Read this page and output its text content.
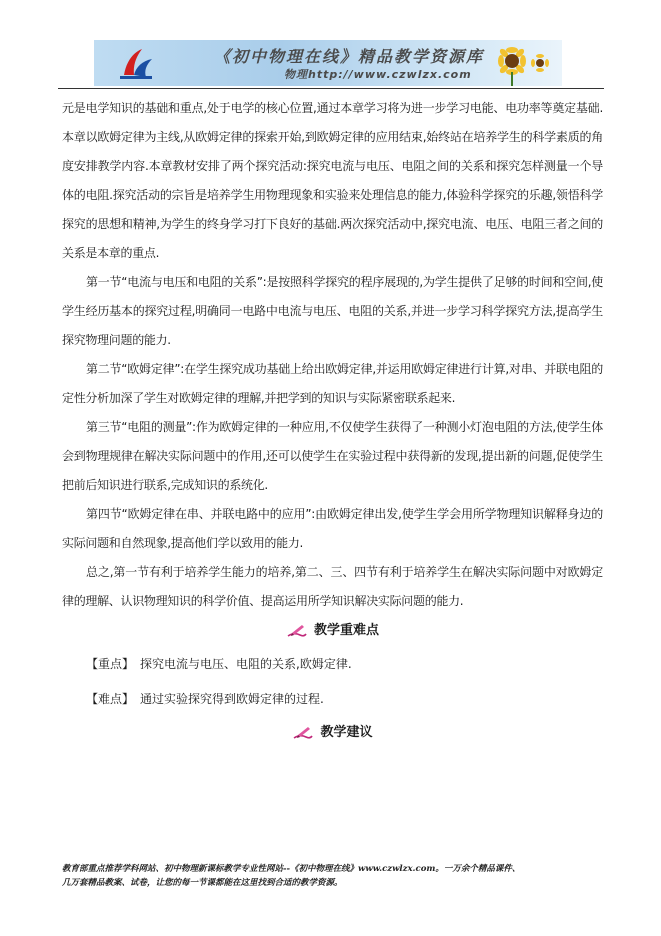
《初中物理在线》精品教学资源库
物理http://www.czwlzx.com

元是电学知识的基础和重点,处于电学的核心位置,通过本章学习将为进一步学习电能、电功率等奠定基础.本章以欧姆定律为主线,从欧姆定律的探索开始,到欧姆定律的应用结束,始终站在培养学生的科学素质的角度安排教学内容.本章教材安排了两个探究活动:探究电流与电压、电阻之间的关系和探究怎样测量一个导体的电阻.探究活动的宗旨是培养学生用物理现象和实验来处理信息的能力,体验科学探究的乐趣,领悟科学探究的思想和精神,为学生的终身学习打下良好的基础.两次探究活动中,探究电流、电压、电阻三者之间的关系是本章的重点.

第一节“电流与电压和电阻的关系”:是按照科学探究的程序展现的,为学生提供了足够的时间和空间,使学生经历基本的探究过程,明确同一电路中电流与电压、电阻的关系,并进一步学习科学探究方法,提高学生探究物理问题的能力.

第二节“欧姆定律”:在学生探究成功基础上给出欧姆定律,并运用欧姆定律进行计算,对串、并联电阻的定性分析加深了学生对欧姆定律的理解,并把学到的知识与实际紧密联系起来.

第三节“电阻的测量”:作为欧姆定律的一种应用,不仅使学生获得了一种测小灯泡电阻的方法,使学生体会到物理规律在解决实际问题中的作用,还可以使学生在实验过程中获得新的发现,提出新的问题,促使学生把前后知识进行联系,完成知识的系统化.

第四节“欧姆定律在串、并联电路中的应用”:由欧姆定律出发,使学生学会用所学物理知识解释身边的实际问题和自然现象,提高他们学以致用的能力.

总之,第一节有利于培养学生能力的培养,第二、三、四节有利于培养学生在解决实际问题中对欧姆定律的理解、认识物理知识的科学价值、提高运用所学知识解决实际问题的能力.

教学重难点
【重点】 探究电流与电压、电阻的关系,欧姆定律.
【难点】 通过实验探究得到欧姆定律的过程.
教学建议
教育部重点推荐学科网站、初中物理新课标教学专业性网站--《初中物理在线》www.czwlzx.com。一万余个精品课件、
几万套精品教案、试卷，让您的每一节课都能在这里找到合适的教学资源。
